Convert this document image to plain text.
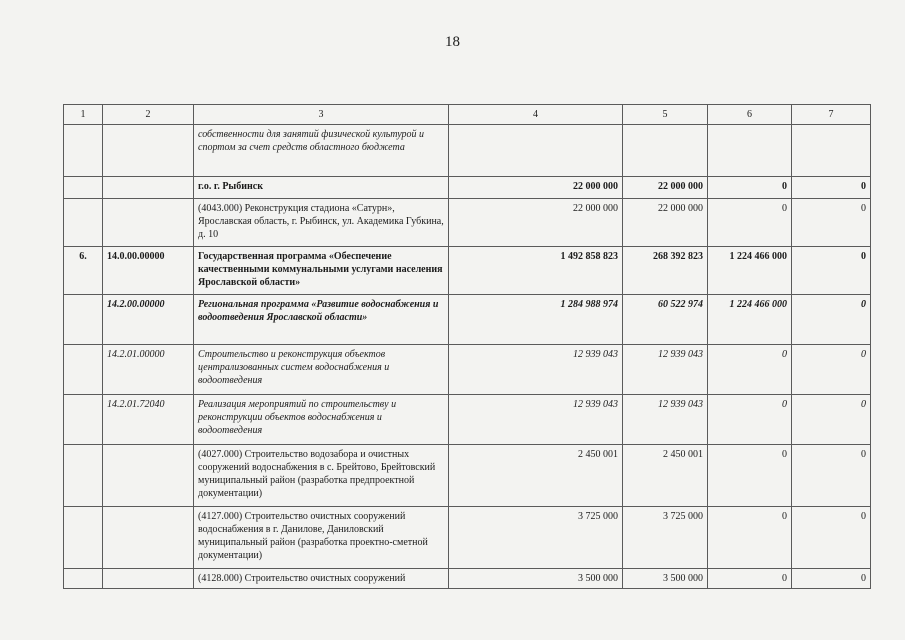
18
1	2	3	4	5	6	7
		собственности для занятий физической культурой и спортом за счет средств областного бюджета				
		г.о. г. Рыбинск	22 000 000	22 000 000	0	0
		(4043.000) Реконструкция стадиона «Сатурн», Ярославская область, г. Рыбинск, ул. Академика Губкина, д. 10	22 000 000	22 000 000	0	0
6.	14.0.00.00000	Государственная программа «Обеспечение качественными коммунальными услугами населения Ярославской области»	1 492 858 823	268 392 823	1 224 466 000	0
	14.2.00.00000	Региональная программа «Развитие водоснабжения и водоотведения Ярославской области»	1 284 988 974	60 522 974	1 224 466 000	0
	14.2.01.00000	Строительство и реконструкция объектов централизованных систем водоснабжения и водоотведения	12 939 043	12 939 043	0	0
	14.2.01.72040	Реализация мероприятий по строительству и реконструкции объектов водоснабжения и водоотведения	12 939 043	12 939 043	0	0
		(4027.000) Строительство водозабора и очистных сооружений водоснабжения в с. Брейтово, Брейтовский муниципальный район (разработка предпроектной документации)	2 450 001	2 450 001	0	0
		(4127.000) Строительство очистных сооружений водоснабжения в г. Данилове, Даниловский муниципальный район (разработка проектно-сметной документации)	3 725 000	3 725 000	0	0
		(4128.000) Строительство очистных сооружений	3 500 000	3 500 000	0	0
